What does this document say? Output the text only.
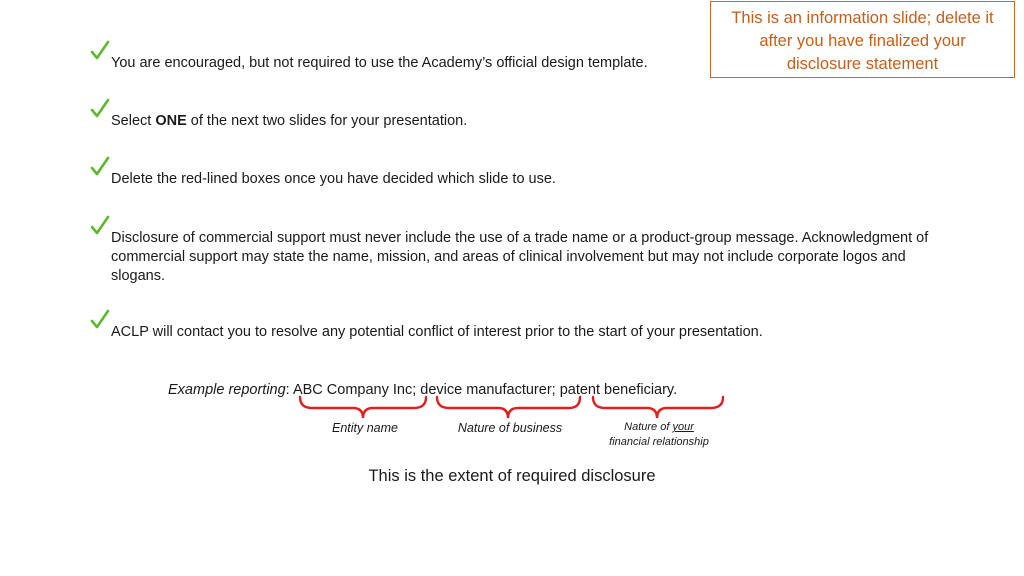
This is an information slide; delete it
after you have finalized your
disclosure statement
You are encouraged, but not required to use the Academy’s official design template.
Select ONE of the next two slides for your presentation.
Delete the red-lined boxes once you have decided which slide to use.
Disclosure of commercial support must never include the use of a trade name or a product-group message. Acknowledgment of commercial support may state the name, mission, and areas of clinical involvement but may not include corporate logos and slogans.
ACLP will contact you to resolve any potential conflict of interest prior to the start of your presentation.
Example reporting: ABC Company Inc; device manufacturer; patent beneficiary.
Entity name	Nature of business	Nature of your
financial relationship
This is the extent of required disclosure
